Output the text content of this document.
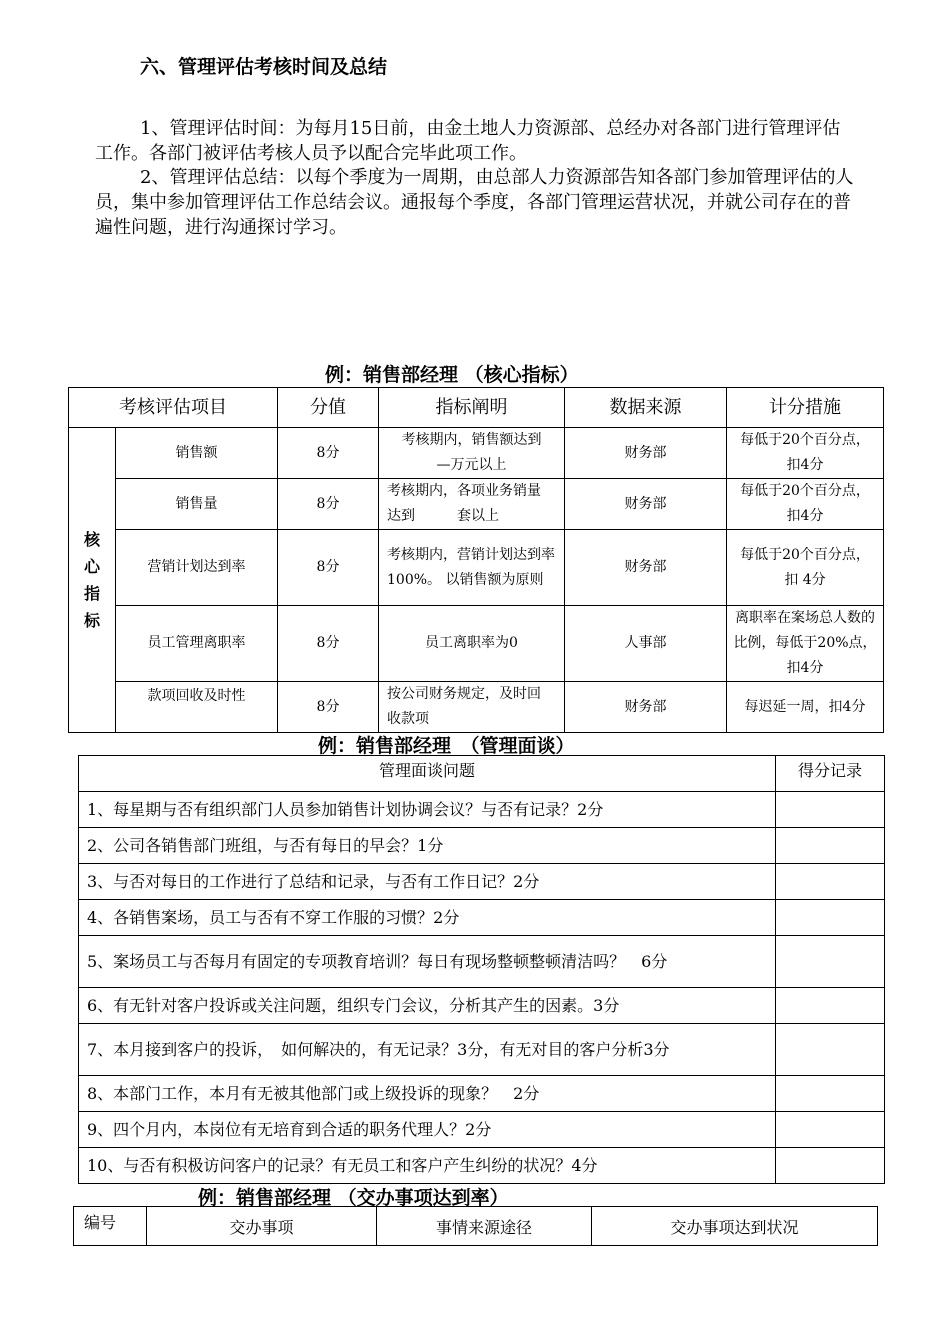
六、管理评估考核时间及总结

1、管理评估时间：为每月15日前，由金土地人力资源部、总经办对各部门进行管理评估工作。各部门被评估考核人员予以配合完毕此项工作。

2、管理评估总结：以每个季度为一周期，由总部人力资源部告知各部门参加管理评估的人员，集中参加管理评估工作总结会议。通报每个季度，各部门管理运营状况，并就公司存在的普遍性问题，进行沟通探讨学习。

例：销售部经理 （核心指标）
考核评估项目		分值	指标阐明	数据来源	计分措施

核心指标	销售额	8分	考核期内，销售额达到—万元以上	财务部	每低于20个百分点，扣4分

	销售量	8分	考核期内，各项业务销量达到　　　套以上	财务部	每低于20个百分点，扣4分

	营销计划达到率	8分	考核期内，营销计划达到率100%。 以销售额为原则	财务部	每低于20个百分点，扣 4分

	员工管理离职率	8分	员工离职率为0	人事部	离职率在案场总人数的比例，每低于20%点，扣4分

	款项回收及时性	8分	按公司财务规定，及时回收款项	财务部	每迟延一周，扣4分
例：销售部经理　（管理面谈）
管理面谈问题	得分记录
1、每星期与否有组织部门人员参加销售计划协调会议？与否有记录？2分	
2、公司各销售部门班组，与否有每日的早会？1分	
3、与否对每日的工作进行了总结和记录，与否有工作日记？2分	
4、各销售案场，员工与否有不穿工作服的习惯？2分	
5、案场员工与否每月有固定的专项教育培训？每日有现场整顿整顿清洁吗？　6分	
6、有无针对客户投诉或关注问题，组织专门会议，分析其产生的因素。3分	
7、本月接到客户的投诉，　如何解决的，有无记录？3分，有无对目的客户分析3分	
8、本部门工作，本月有无被其他部门或上级投诉的现象？　2分	
9、四个月内，本岗位有无培育到合适的职务代理人？2分	
10、与否有积极访问客户的记录？有无员工和客户产生纠纷的状况？4分	
例：销售部经理 （交办事项达到率）
编号	交办事项	事情来源途径	交办事项达到状况
